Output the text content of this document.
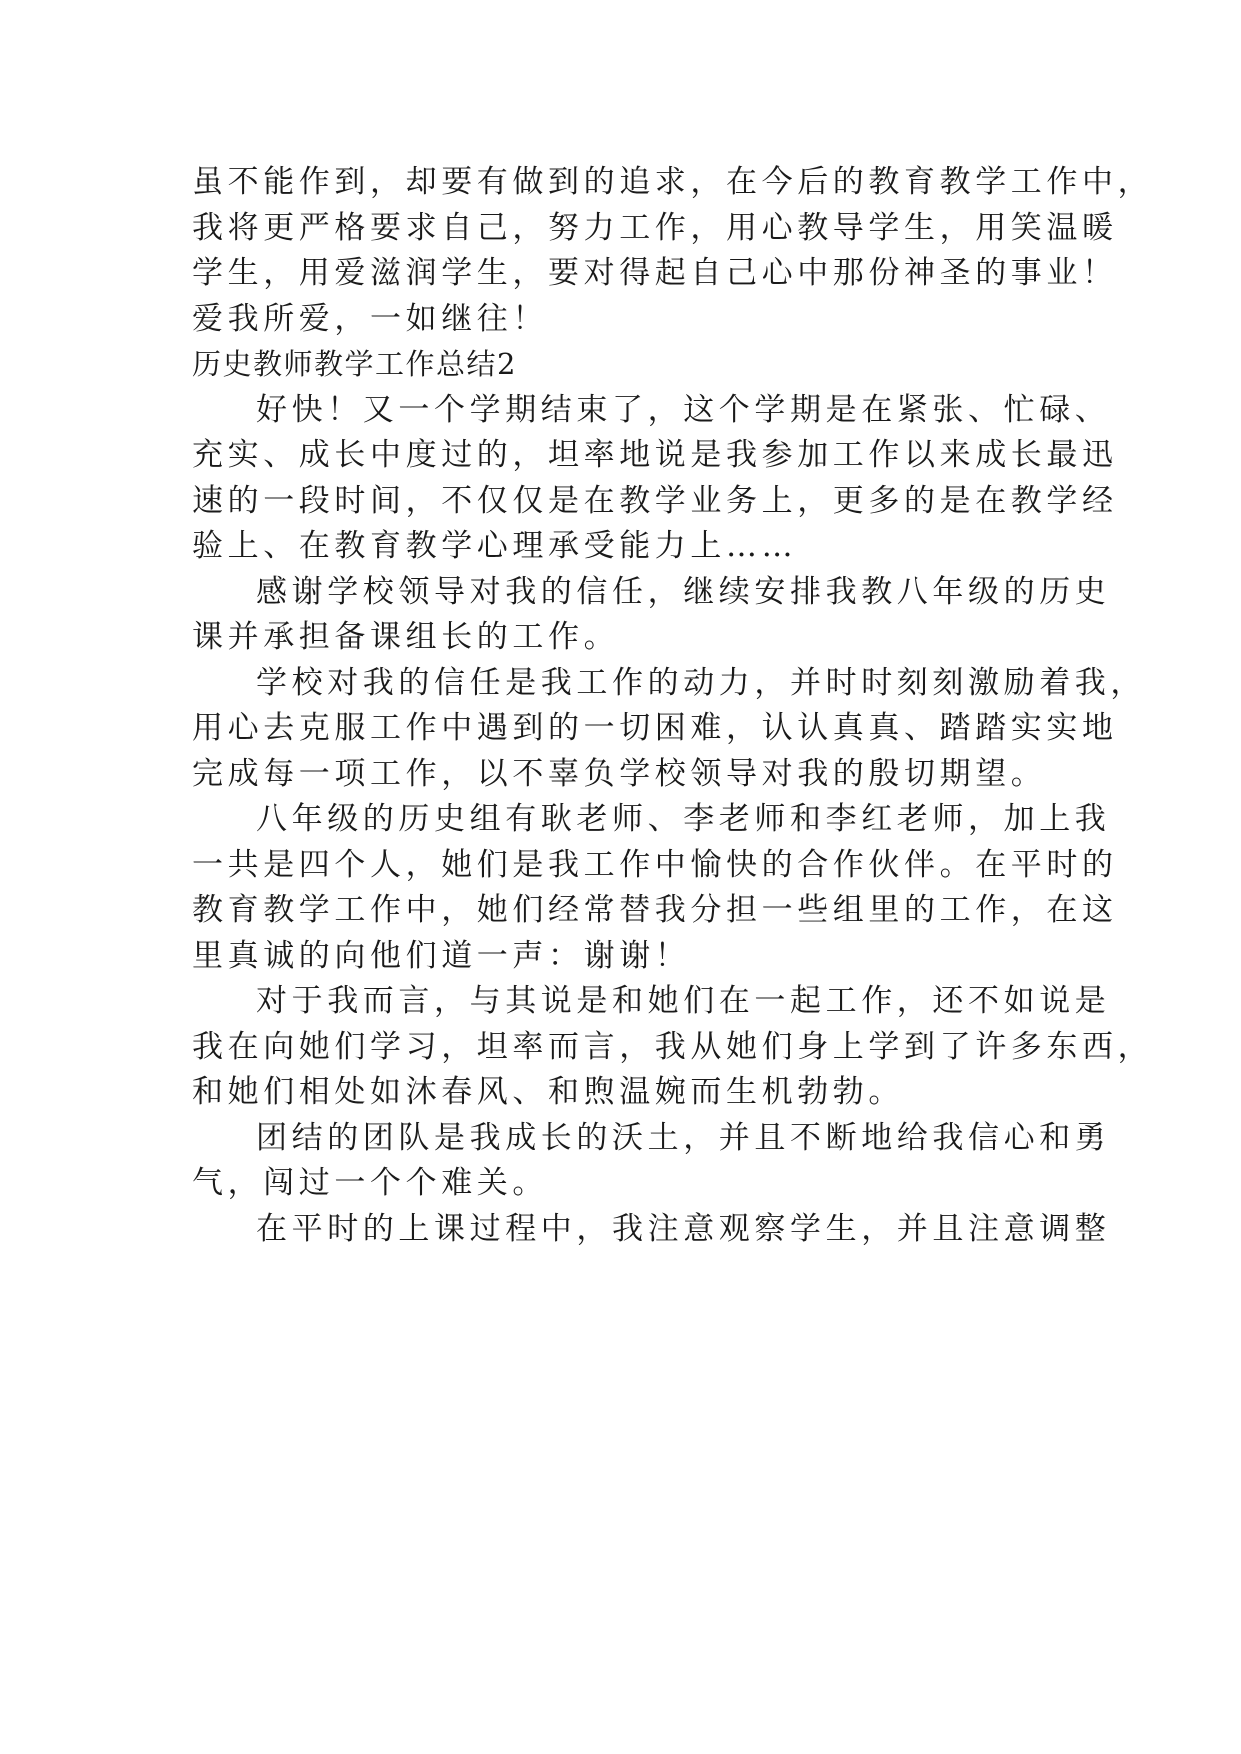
虽不能作到，却要有做到的追求，在今后的教育教学工作中，
我将更严格要求自己，努力工作，用心教导学生，用笑温暖
学生，用爱滋润学生，要对得起自己心中那份神圣的事业！
爱我所爱，一如继往！
历史教师教学工作总结2
好快！又一个学期结束了，这个学期是在紧张、忙碌、
充实、成长中度过的，坦率地说是我参加工作以来成长最迅
速的一段时间，不仅仅是在教学业务上，更多的是在教学经
验上、在教育教学心理承受能力上……
感谢学校领导对我的信任，继续安排我教八年级的历史
课并承担备课组长的工作。
学校对我的信任是我工作的动力，并时时刻刻激励着我，
用心去克服工作中遇到的一切困难，认认真真、踏踏实实地
完成每一项工作，以不辜负学校领导对我的殷切期望。
八年级的历史组有耿老师、李老师和李红老师，加上我
一共是四个人，她们是我工作中愉快的合作伙伴。在平时的
教育教学工作中，她们经常替我分担一些组里的工作，在这
里真诚的向他们道一声：谢谢！
对于我而言，与其说是和她们在一起工作，还不如说是
我在向她们学习，坦率而言，我从她们身上学到了许多东西，
和她们相处如沐春风、和煦温婉而生机勃勃。
团结的团队是我成长的沃土，并且不断地给我信心和勇
气，闯过一个个难关。
在平时的上课过程中，我注意观察学生，并且注意调整
